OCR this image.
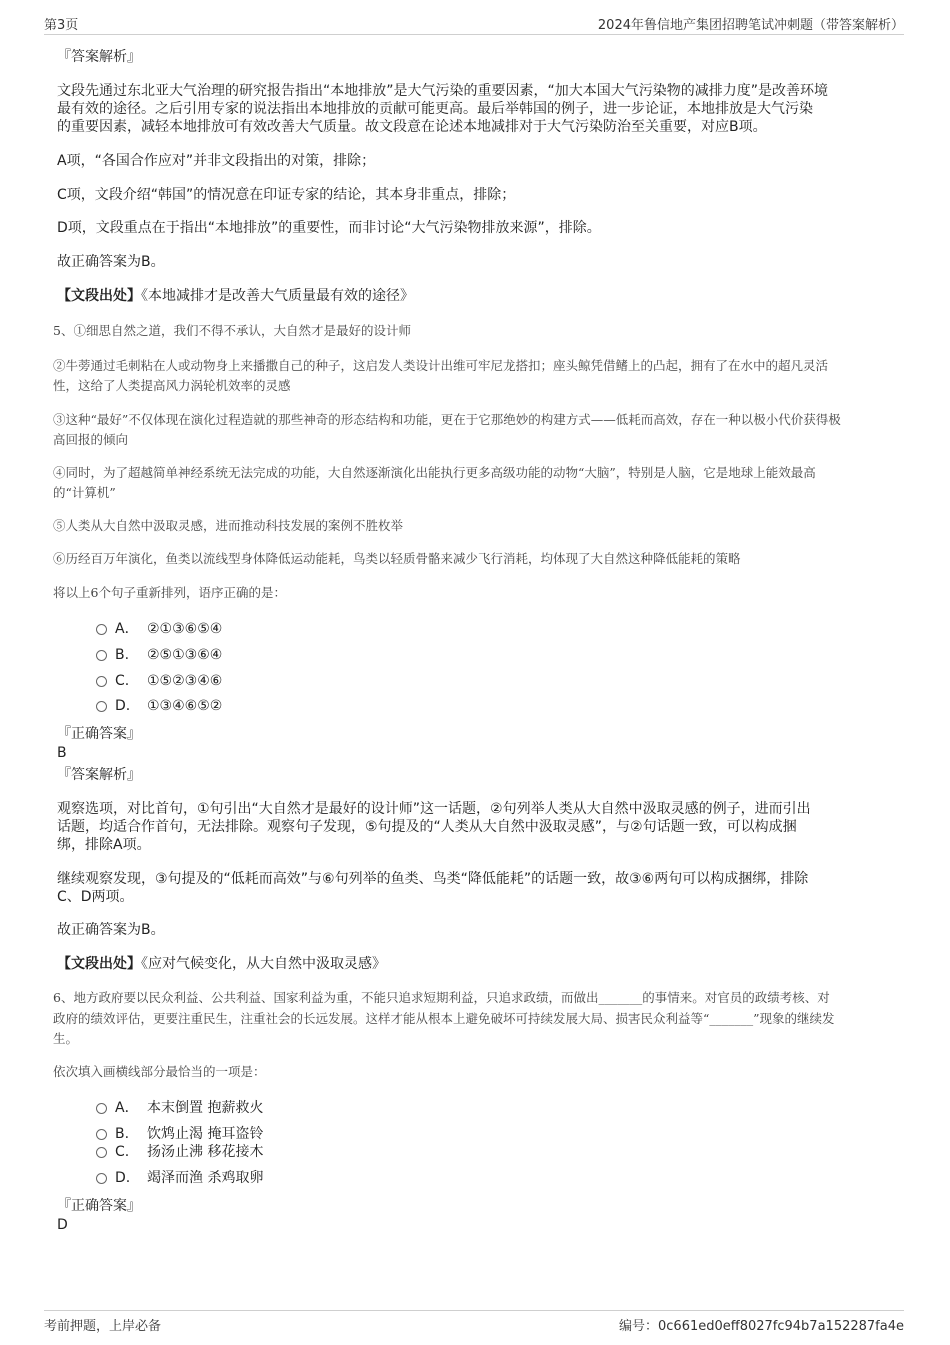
第3页	2024年鲁信地产集团招聘笔试冲刺题（带答案解析）
『答案解析』
文段先通过东北亚大气治理的研究报告指出“本地排放”是大气污染的重要因素，“加大本国大气污染物的减排力度”是改善环境
最有效的途径。之后引用专家的说法指出本地排放的贡献可能更高。最后举韩国的例子，进一步论证，本地排放是大气污染
的重要因素，减轻本地排放可有效改善大气质量。故文段意在论述本地减排对于大气污染防治至关重要，对应B项。
A项，“各国合作应对”并非文段指出的对策，排除；
C项，文段介绍“韩国”的情况意在印证专家的结论，其本身非重点，排除；
D项，文段重点在于指出“本地排放”的重要性，而非讨论“大气污染物排放来源”，排除。
故正确答案为B。
【文段出处】《本地减排才是改善大气质量最有效的途径》
5、①细思自然之道，我们不得不承认，大自然才是最好的设计师
②牛蒡通过毛刺粘在人或动物身上来播撒自己的种子，这启发人类设计出维可牢尼龙搭扣；座头鲸凭借鳍上的凸起，拥有了在水中的超凡灵活
性，这给了人类提高风力涡轮机效率的灵感
③这种“最好”不仅体现在演化过程造就的那些神奇的形态结构和功能，更在于它那绝妙的构建方式——低耗而高效，存在一种以极小代价获得极
高回报的倾向
④同时，为了超越简单神经系统无法完成的功能，大自然逐渐演化出能执行更多高级功能的动物“大脑”，特别是人脑，它是地球上能效最高
的“计算机”
⑤人类从大自然中汲取灵感，进而推动科技发展的案例不胜枚举
⑥历经百万年演化，鱼类以流线型身体降低运动能耗，鸟类以轻质骨骼来减少飞行消耗，均体现了大自然这种降低能耗的策略
将以上6个句子重新排列，语序正确的是：
A． ②①③⑥⑤④
B. ②⑤①③⑥④
C. ①⑤②③④⑥
D. ①③④⑥⑤②
『正确答案』
B
『答案解析』
观察选项，对比首句，①句引出“大自然才是最好的设计师”这一话题，②句列举人类从大自然中汲取灵感的例子，进而引出
话题，均适合作首句，无法排除。观察句子发现，⑤句提及的“人类从大自然中汲取灵感”，与②句话题一致，可以构成捆
绑，排除A项。
继续观察发现，③句提及的“低耗而高效”与⑥句列举的鱼类、鸟类“降低能耗”的话题一致，故③⑥两句可以构成捆绑，排除
C、D两项。
故正确答案为B。
【文段出处】《应对气候变化，从大自然中汲取灵感》
6、地方政府要以民众利益、公共利益、国家利益为重，不能只追求短期利益，只追求政绩，而做出_______的事情来。对官员的政绩考核、对
政府的绩效评估，更要注重民生，注重社会的长远发展。这样才能从根本上避免破坏可持续发展大局、损害民众利益等“_______”现象的继续发
生。
依次填入画横线部分最恰当的一项是：
A． 本末倒置 抱薪救火
B. 饮鸩止渴 掩耳盗铃
C. 扬汤止沸 移花接木
D. 竭泽而渔 杀鸡取卵
『正确答案』
D
考前押题，上岸必备	编号：0c661ed0eff8027fc94b7a152287fa4e
